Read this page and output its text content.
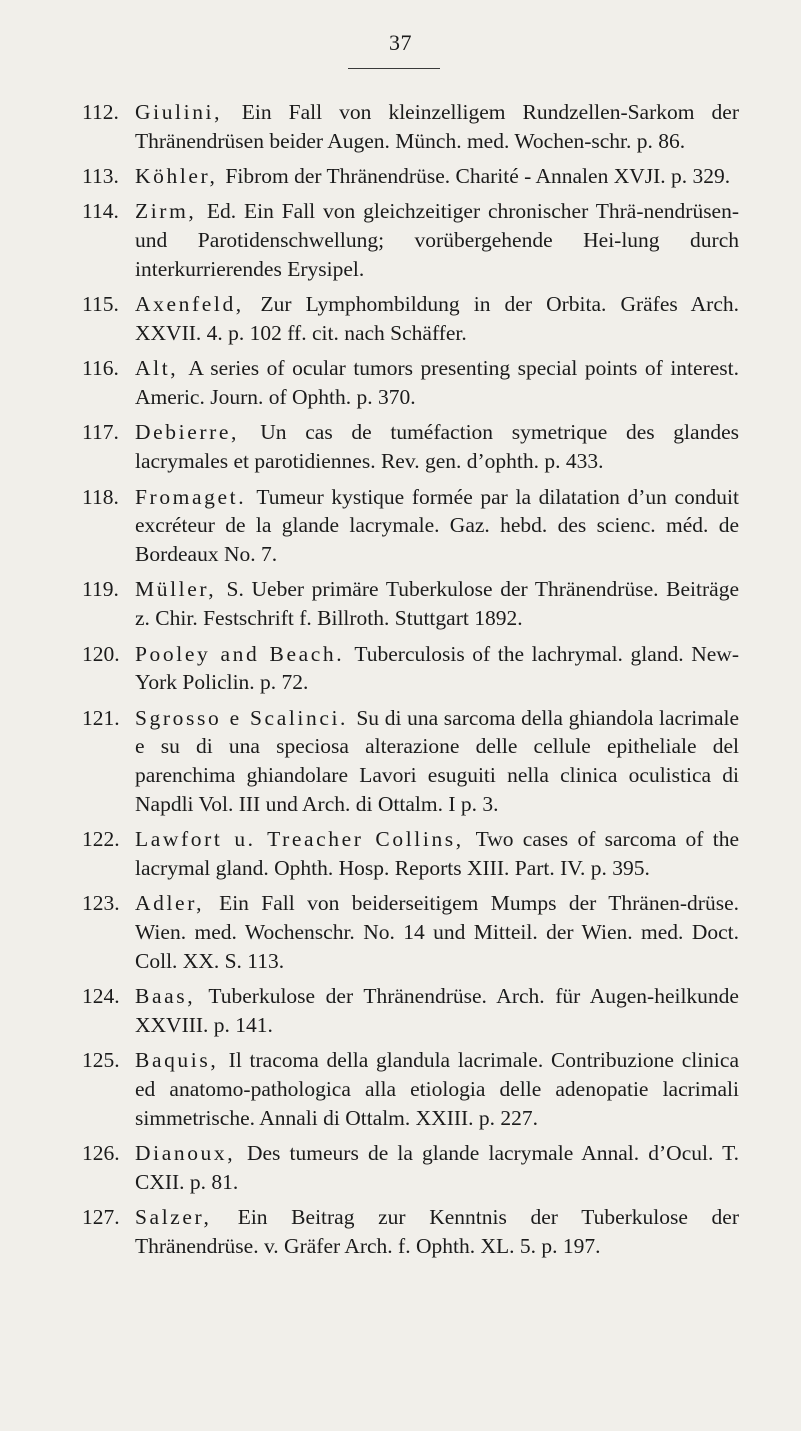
37
112. Giulini, Ein Fall von kleinzelligem Rundzellen-Sarkom der Thränendrüsen beider Augen. Münch. med. Wochen-schr. p. 86.
113. Köhler, Fibrom der Thränendrüse. Charité - Annalen XVJI. p. 329.
114. Zirm, Ed. Ein Fall von gleichzeitiger chronischer Thrä-nendrüsen- und Parotidenschwellung; vorübergehende Hei-lung durch interkurrierendes Erysipel.
115. Axenfeld, Zur Lymphombildung in der Orbita. Gräfes Arch. XXVII. 4. p. 102 ff. cit. nach Schäffer.
116. Alt, A series of ocular tumors presenting special points of interest. Americ. Journ. of Ophth. p. 370.
117. Debierre, Un cas de tuméfaction symetrique des glandes lacrymales et parotidiennes. Rev. gen. d’ophth. p. 433.
118. Fromaget. Tumeur kystique formée par la dilatation d’un conduit excréteur de la glande lacrymale. Gaz. hebd. des scienc. méd. de Bordeaux No. 7.
119. Müller, S. Ueber primäre Tuberkulose der Thränendrüse. Beiträge z. Chir. Festschrift f. Billroth. Stuttgart 1892.
120. Pooley and Beach. Tuberculosis of the lachrymal. gland. New-York Policlin. p. 72.
121. Sgrosso e Scalinci. Su di una sarcoma della ghiandola lacrimale e su di una speciosa alterazione delle cellule epitheliale del parenchima ghiandolare Lavori esuguiti nella clinica oculistica di Napdli Vol. III und Arch. di Ottalm. I p. 3.
122. Lawfort u. Treacher Collins, Two cases of sarcoma of the lacrymal gland. Ophth. Hosp. Reports XIII. Part. IV. p. 395.
123. Adler, Ein Fall von beiderseitigem Mumps der Thränen-drüse. Wien. med. Wochenschr. No. 14 und Mitteil. der Wien. med. Doct. Coll. XX. S. 113.
124. Baas, Tuberkulose der Thränendrüse. Arch. für Augen-heilkunde XXVIII. p. 141.
125. Baquis, Il tracoma della glandula lacrimale. Contribuzione clinica ed anatomo-pathologica alla etiologia delle adenopatie lacrimali simmetrische. Annali di Ottalm. XXIII. p. 227.
126. Dianoux, Des tumeurs de la glande lacrymale Annal. d’Ocul. T. CXII. p. 81.
127. Salzer, Ein Beitrag zur Kenntnis der Tuberkulose der Thränendrüse. v. Gräfer Arch. f. Ophth. XL. 5. p. 197.
